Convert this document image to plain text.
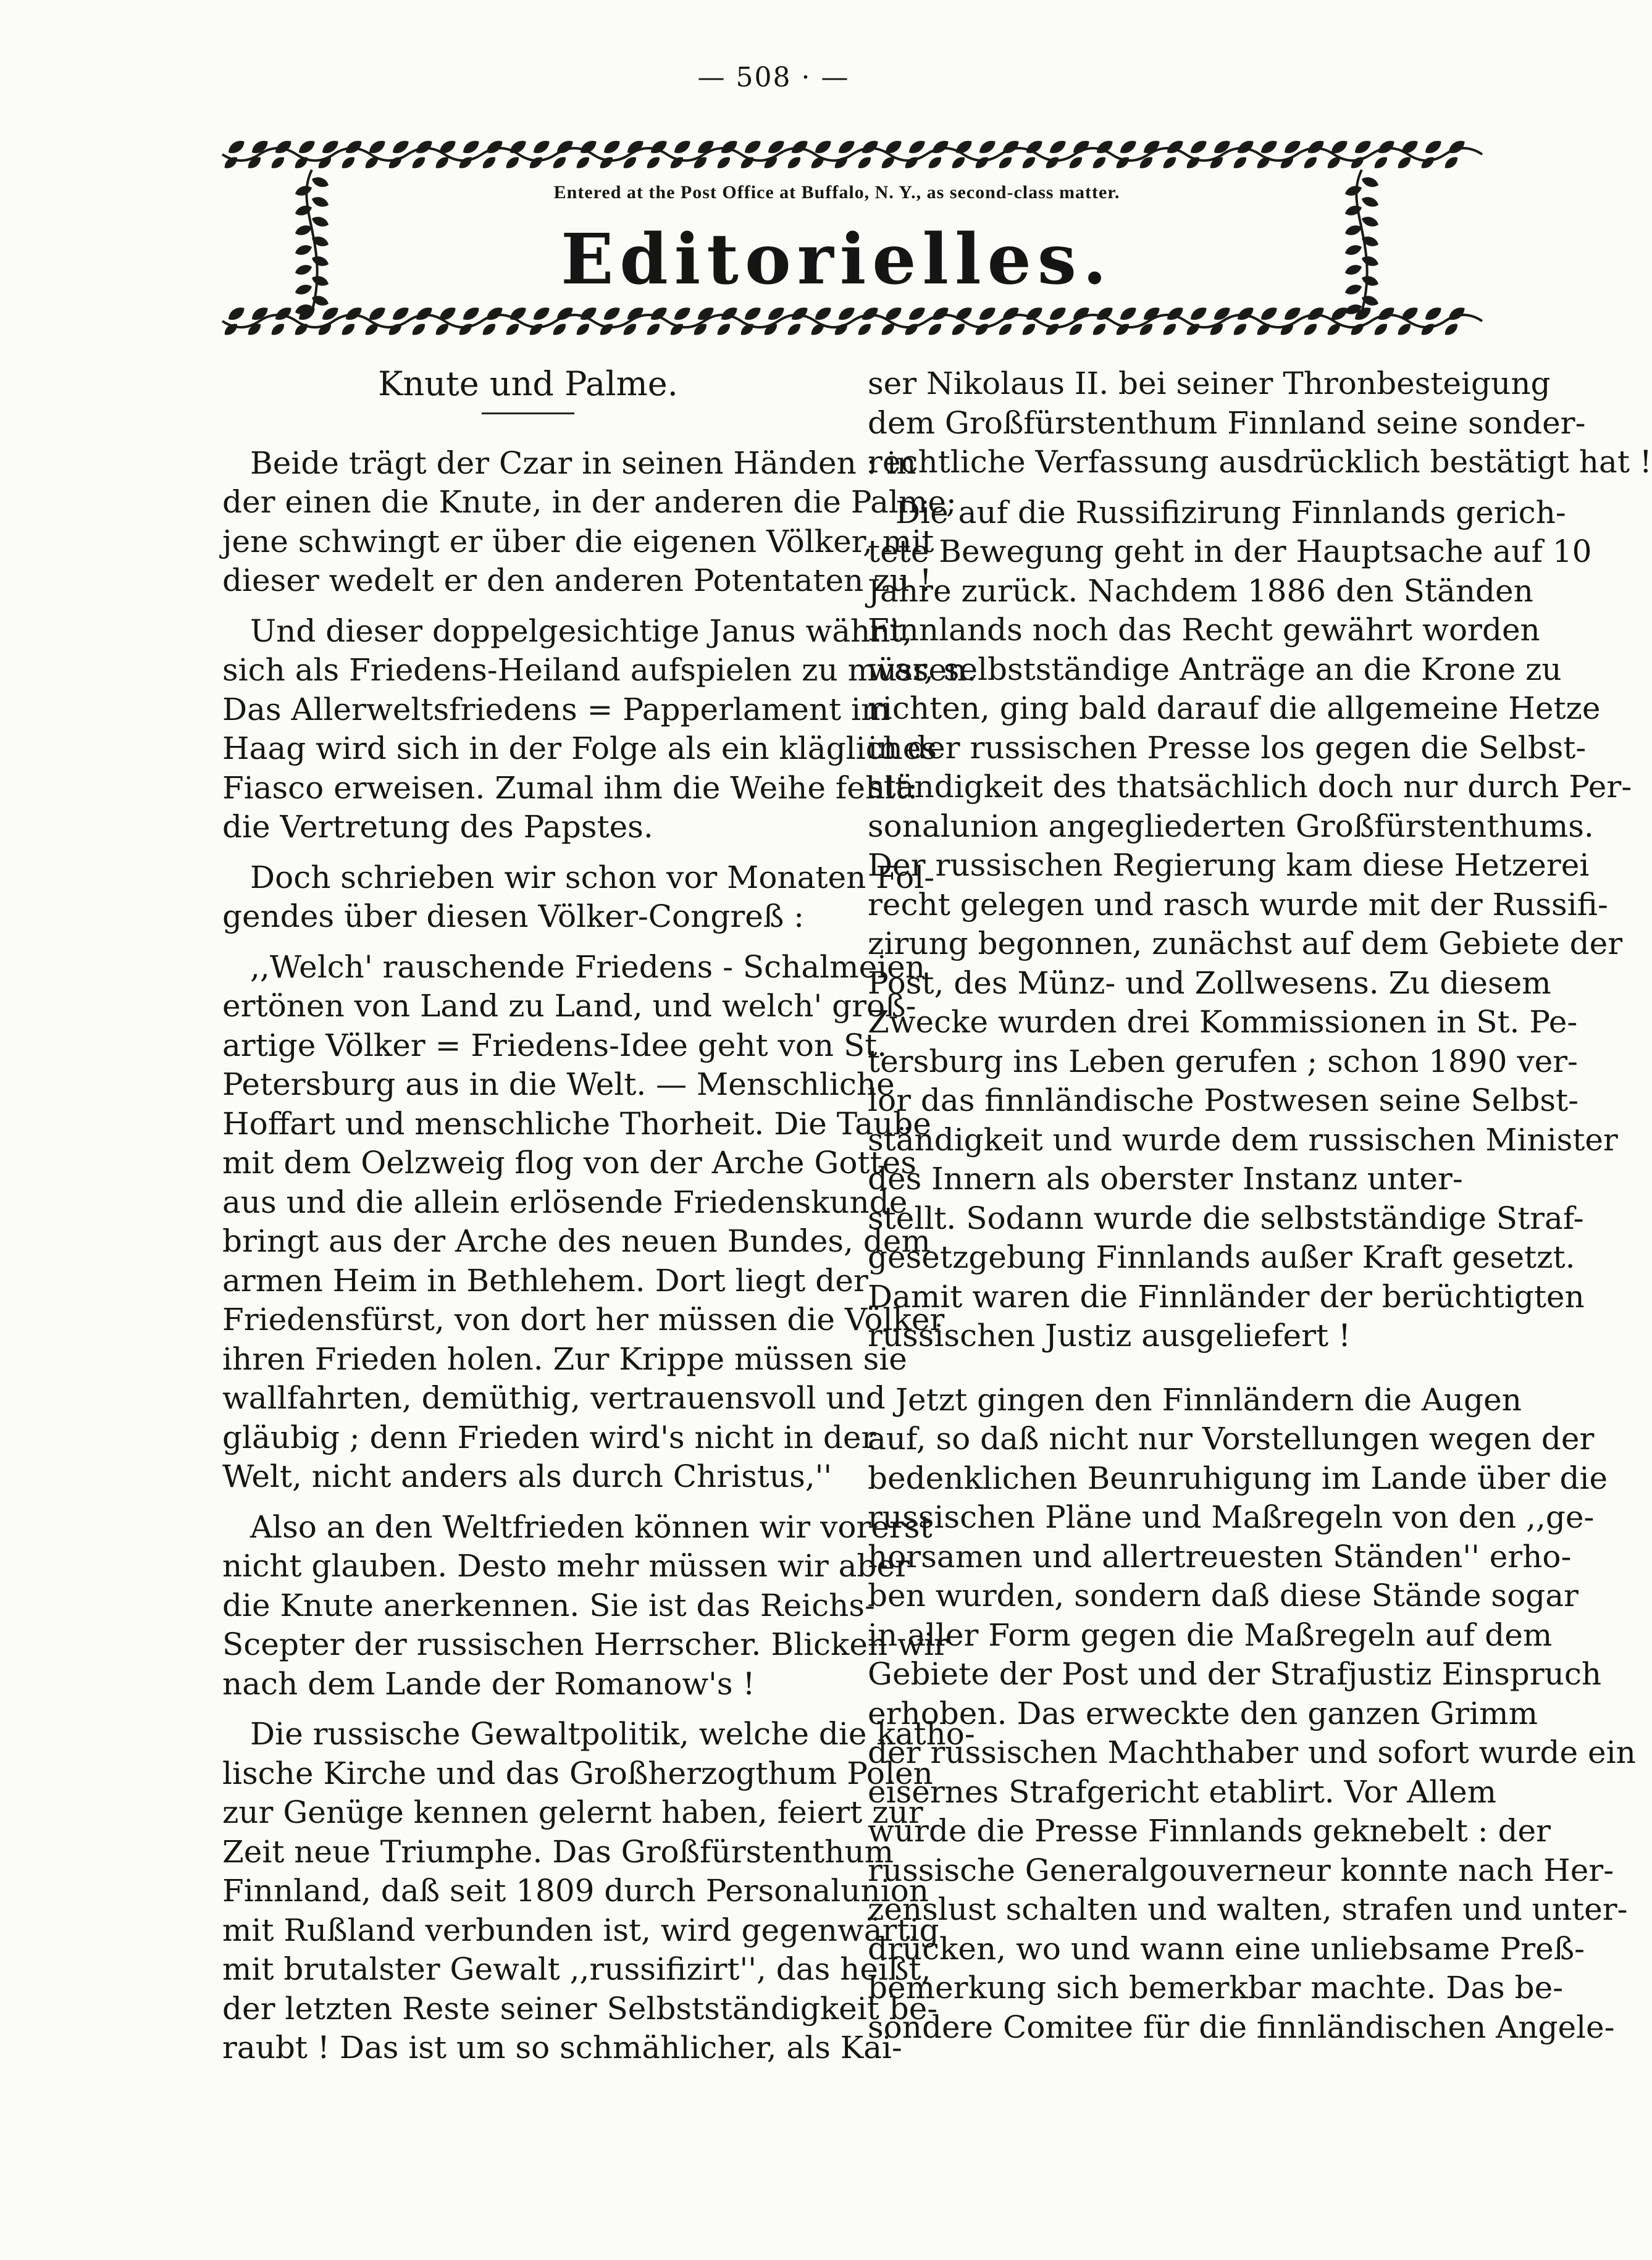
— 508 · —
Entered at the Post Office at Buffalo, N. Y., as second-class matter.
Editorielles.
Knute und Palme.
Beide trägt der Czar in seinen Händen : in
der einen die Knute, in der anderen die Palme;
jene schwingt er über die eigenen Völker, mit
dieser wedelt er den anderen Potentaten zu !
Und dieser doppelgesichtige Janus wähnt,
sich als Friedens-Heiland aufspielen zu müssen.
Das Allerweltsfriedens = Papperlament im
Haag wird sich in der Folge als ein klägliches
Fiasco erweisen. Zumal ihm die Weihe fehlt:
die Vertretung des Papstes.
Doch schrieben wir schon vor Monaten Fol-
gendes über diesen Völker-Congreß :
,,Welch' rauschende Friedens - Schalmeien
ertönen von Land zu Land, und welch' groß-
artige Völker = Friedens-Idee geht von St.
Petersburg aus in die Welt. — Menschliche
Hoffart und menschliche Thorheit. Die Taube
mit dem Oelzweig flog von der Arche Gottes
aus und die allein erlösende Friedenskunde
bringt aus der Arche des neuen Bundes, dem
armen Heim in Bethlehem. Dort liegt der
Friedensfürst, von dort her müssen die Völker
ihren Frieden holen. Zur Krippe müssen sie
wallfahrten, demüthig, vertrauensvoll und
gläubig ; denn Frieden wird's nicht in der
Welt, nicht anders als durch Christus,''
Also an den Weltfrieden können wir vorerst
nicht glauben. Desto mehr müssen wir aber
die Knute anerkennen. Sie ist das Reichs-
Scepter der russischen Herrscher. Blicken wir
nach dem Lande der Romanow's !
Die russische Gewaltpolitik, welche die katho-
lische Kirche und das Großherzogthum Polen
zur Genüge kennen gelernt haben, feiert zur
Zeit neue Triumphe. Das Großfürstenthum
Finnland, daß seit 1809 durch Personalunion
mit Rußland verbunden ist, wird gegenwärtig
mit brutalster Gewalt ,,russifizirt'', das heißt,
der letzten Reste seiner Selbstständigkeit be-
raubt ! Das ist um so schmählicher, als Kai-
ser Nikolaus II. bei seiner Thronbesteigung
dem Großfürstenthum Finnland seine sonder-
rechtliche Verfassung ausdrücklich bestätigt hat !
Die auf die Russifizirung Finnlands gerich-
tete Bewegung geht in der Hauptsache auf 10
Jahre zurück. Nachdem 1886 den Ständen
Finnlands noch das Recht gewährt worden
war, selbstständige Anträge an die Krone zu
richten, ging bald darauf die allgemeine Hetze
in der russischen Presse los gegen die Selbst-
ständigkeit des thatsächlich doch nur durch Per-
sonalunion angegliederten Großfürstenthums.
Der russischen Regierung kam diese Hetzerei
recht gelegen und rasch wurde mit der Russifi-
zirung begonnen, zunächst auf dem Gebiete der
Post, des Münz- und Zollwesens. Zu diesem
Zwecke wurden drei Kommissionen in St. Pe-
tersburg ins Leben gerufen ; schon 1890 ver-
lor das finnländische Postwesen seine Selbst-
ständigkeit und wurde dem russischen Minister
des Innern als oberster Instanz unter-
stellt. Sodann wurde die selbstständige Straf-
gesetzgebung Finnlands außer Kraft gesetzt.
Damit waren die Finnländer der berüchtigten
russischen Justiz ausgeliefert !
Jetzt gingen den Finnländern die Augen
auf, so daß nicht nur Vorstellungen wegen der
bedenklichen Beunruhigung im Lande über die
russischen Pläne und Maßregeln von den ,,ge-
horsamen und allertreuesten Ständen'' erho-
ben wurden, sondern daß diese Stände sogar
in aller Form gegen die Maßregeln auf dem
Gebiete der Post und der Strafjustiz Einspruch
erhoben. Das erweckte den ganzen Grimm
der russischen Machthaber und sofort wurde ein
eisernes Strafgericht etablirt. Vor Allem
wurde die Presse Finnlands geknebelt : der
russische Generalgouverneur konnte nach Her-
zenslust schalten und walten, strafen und unter-
drücken, wo und wann eine unliebsame Preß-
bemerkung sich bemerkbar machte. Das be-
sondere Comitee für die finnländischen Angele-
